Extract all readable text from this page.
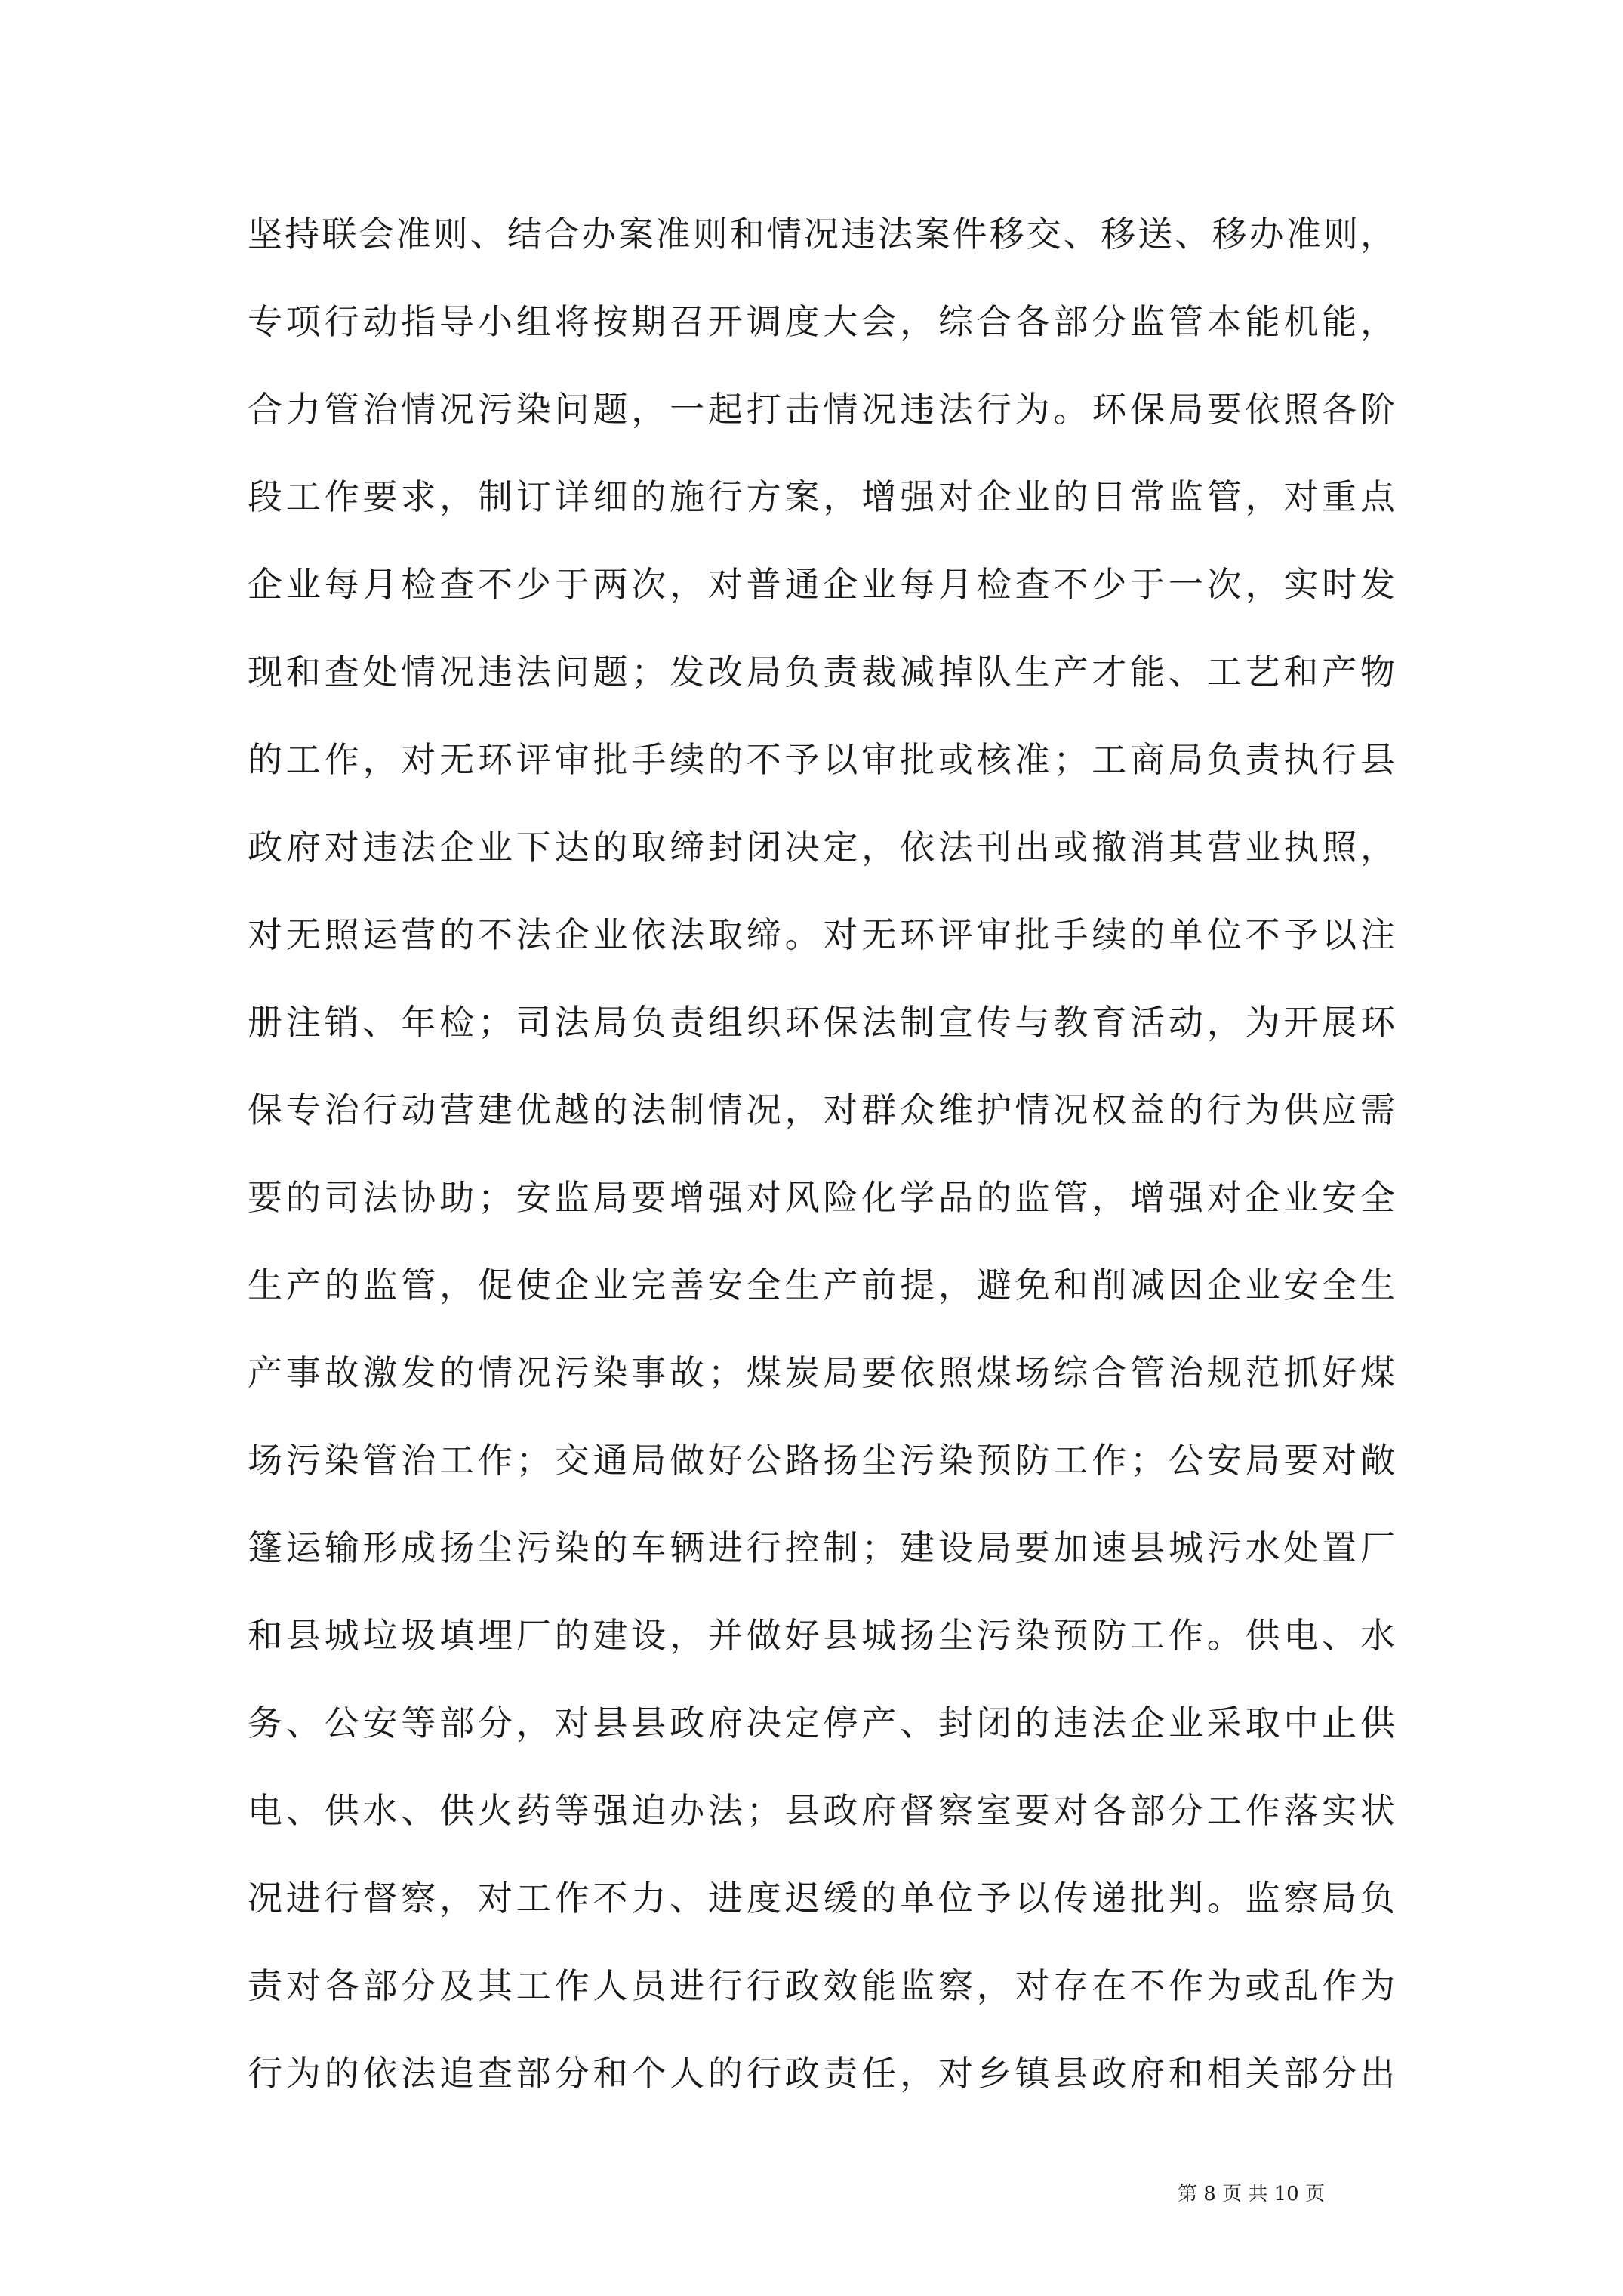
坚持联会准则、结合办案准则和情况违法案件移交、移送、移办准则，
专项行动指导小组将按期召开调度大会，综合各部分监管本能机能，
合力管治情况污染问题，一起打击情况违法行为。环保局要依照各阶
段工作要求，制订详细的施行方案，增强对企业的日常监管，对重点
企业每月检查不少于两次，对普通企业每月检查不少于一次，实时发
现和查处情况违法问题；发改局负责裁减掉队生产才能、工艺和产物
的工作，对无环评审批手续的不予以审批或核准；工商局负责执行县
政府对违法企业下达的取缔封闭决定，依法刊出或撤消其营业执照，
对无照运营的不法企业依法取缔。对无环评审批手续的单位不予以注
册注销、年检；司法局负责组织环保法制宣传与教育活动，为开展环
保专治行动营建优越的法制情况，对群众维护情况权益的行为供应需
要的司法协助；安监局要增强对风险化学品的监管，增强对企业安全
生产的监管，促使企业完善安全生产前提，避免和削减因企业安全生
产事故激发的情况污染事故；煤炭局要依照煤场综合管治规范抓好煤
场污染管治工作；交通局做好公路扬尘污染预防工作；公安局要对敞
篷运输形成扬尘污染的车辆进行控制；建设局要加速县城污水处置厂
和县城垃圾填埋厂的建设，并做好县城扬尘污染预防工作。供电、水
务、公安等部分，对县县政府决定停产、封闭的违法企业采取中止供
电、供水、供火药等强迫办法；县政府督察室要对各部分工作落实状
况进行督察，对工作不力、进度迟缓的单位予以传递批判。监察局负
责对各部分及其工作人员进行行政效能监察，对存在不作为或乱作为
行为的依法追查部分和个人的行政责任，对乡镇县政府和相关部分出
第 8 页 共 10 页
